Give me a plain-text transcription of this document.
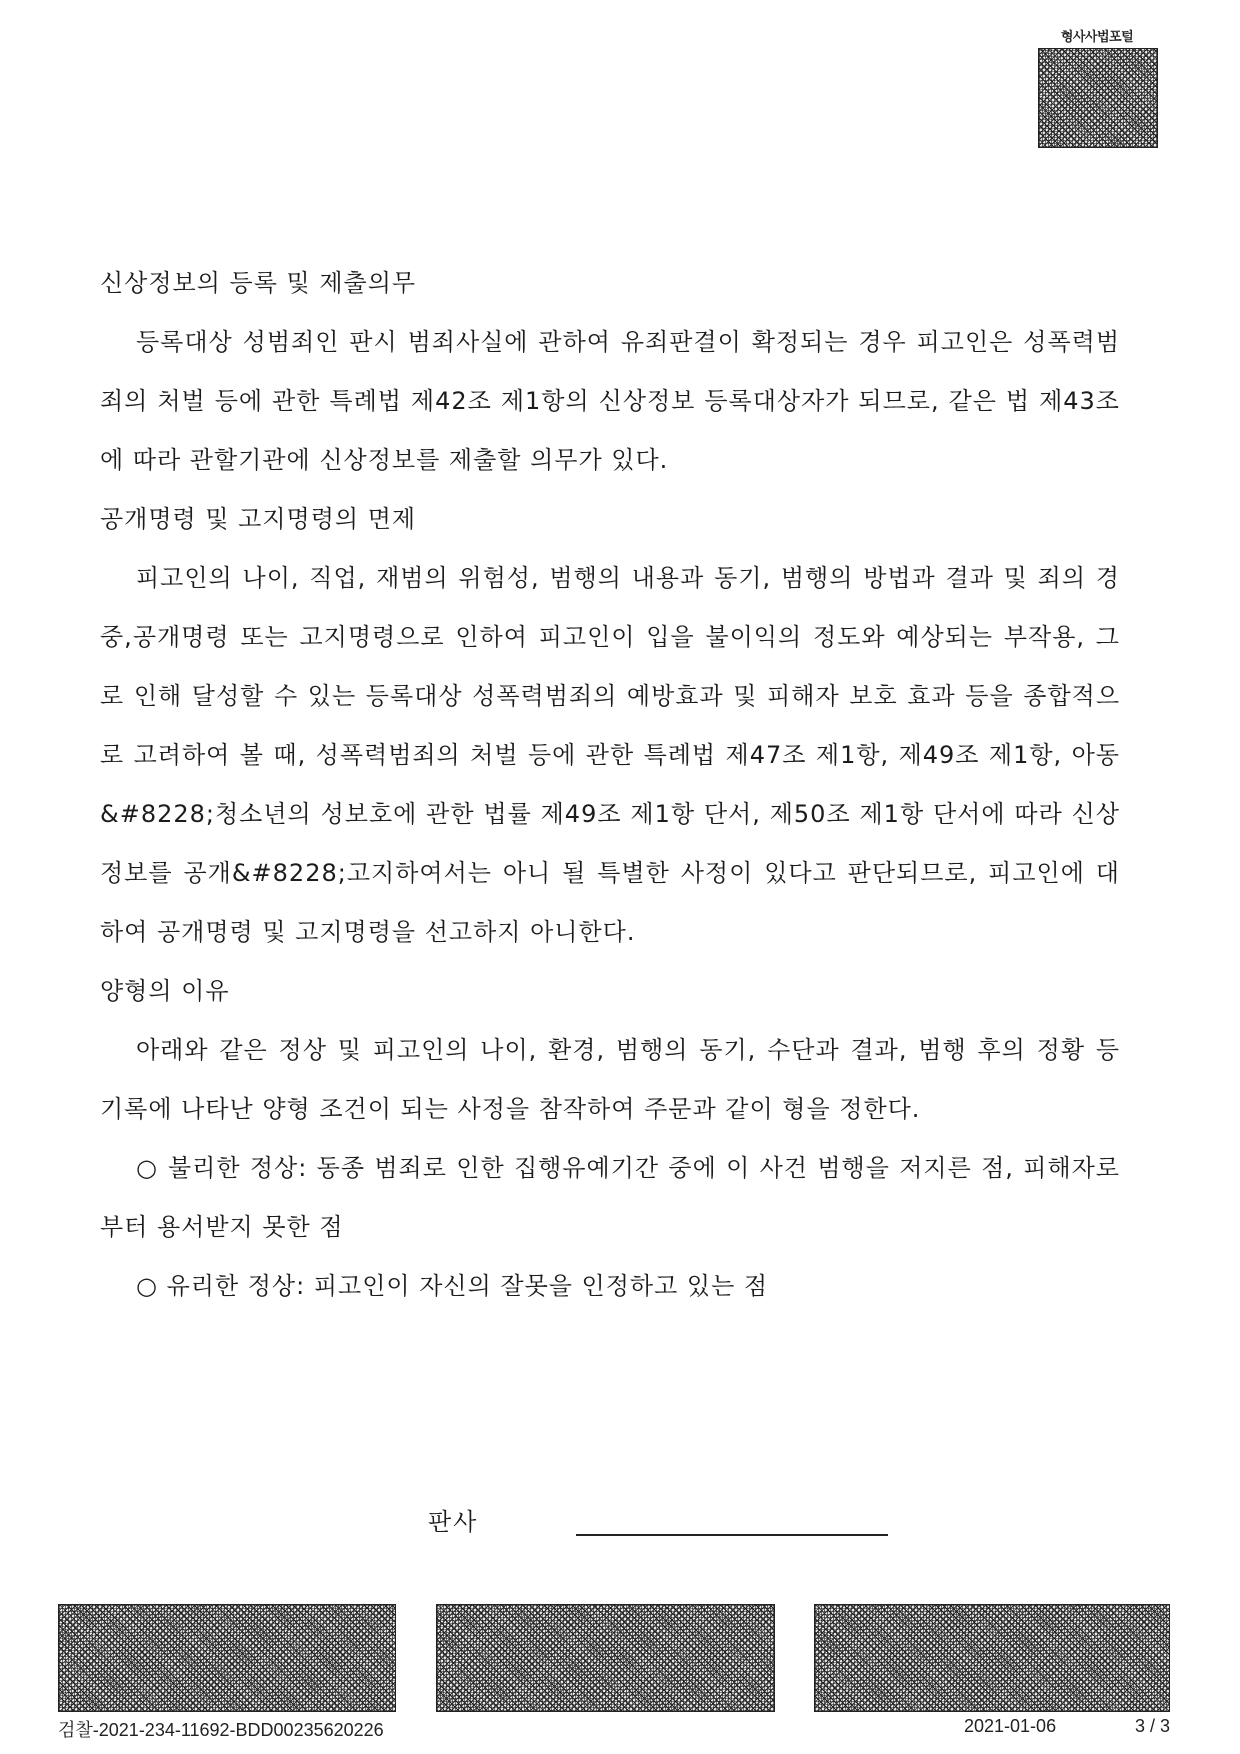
형사사법포털

신상정보의 등록 및 제출의무

등록대상 성범죄인 판시 범죄사실에 관하여 유죄판결이 확정되는 경우 피고인은 성폭력범죄의 처벌 등에 관한 특례법 제42조 제1항의 신상정보 등록대상자가 되므로, 같은 법 제43조에 따라 관할기관에 신상정보를 제출할 의무가 있다.

공개명령 및 고지명령의 면제

피고인의 나이, 직업, 재범의 위험성, 범행의 내용과 동기, 범행의 방법과 결과 및 죄의 경중,공개명령 또는 고지명령으로 인하여 피고인이 입을 불이익의 정도와 예상되는 부작용, 그로 인해 달성할 수 있는 등록대상 성폭력범죄의 예방효과 및 피해자 보호 효과 등을 종합적으로 고려하여 볼 때, 성폭력범죄의 처벌 등에 관한 특례법 제47조 제1항, 제49조 제1항, 아동&#8228;청소년의 성보호에 관한 법률 제49조 제1항 단서, 제50조 제1항 단서에 따라 신상정보를 공개&#8228;고지하여서는 아니 될 특별한 사정이 있다고 판단되므로, 피고인에 대하여 공개명령 및 고지명령을 선고하지 아니한다.

양형의 이유

아래와 같은 정상 및 피고인의 나이, 환경, 범행의 동기, 수단과 결과, 범행 후의 정황 등 기록에 나타난 양형 조건이 되는 사정을 참작하여 주문과 같이 형을 정한다.

○ 불리한 정상: 동종 범죄로 인한 집행유예기간 중에 이 사건 범행을 저지른 점, 피해자로부터 용서받지 못한 점

○ 유리한 정상: 피고인이 자신의 잘못을 인정하고 있는 점

판사
검찰-2021-234-11692-BDD00235620226	2021-01-06	3 / 3
